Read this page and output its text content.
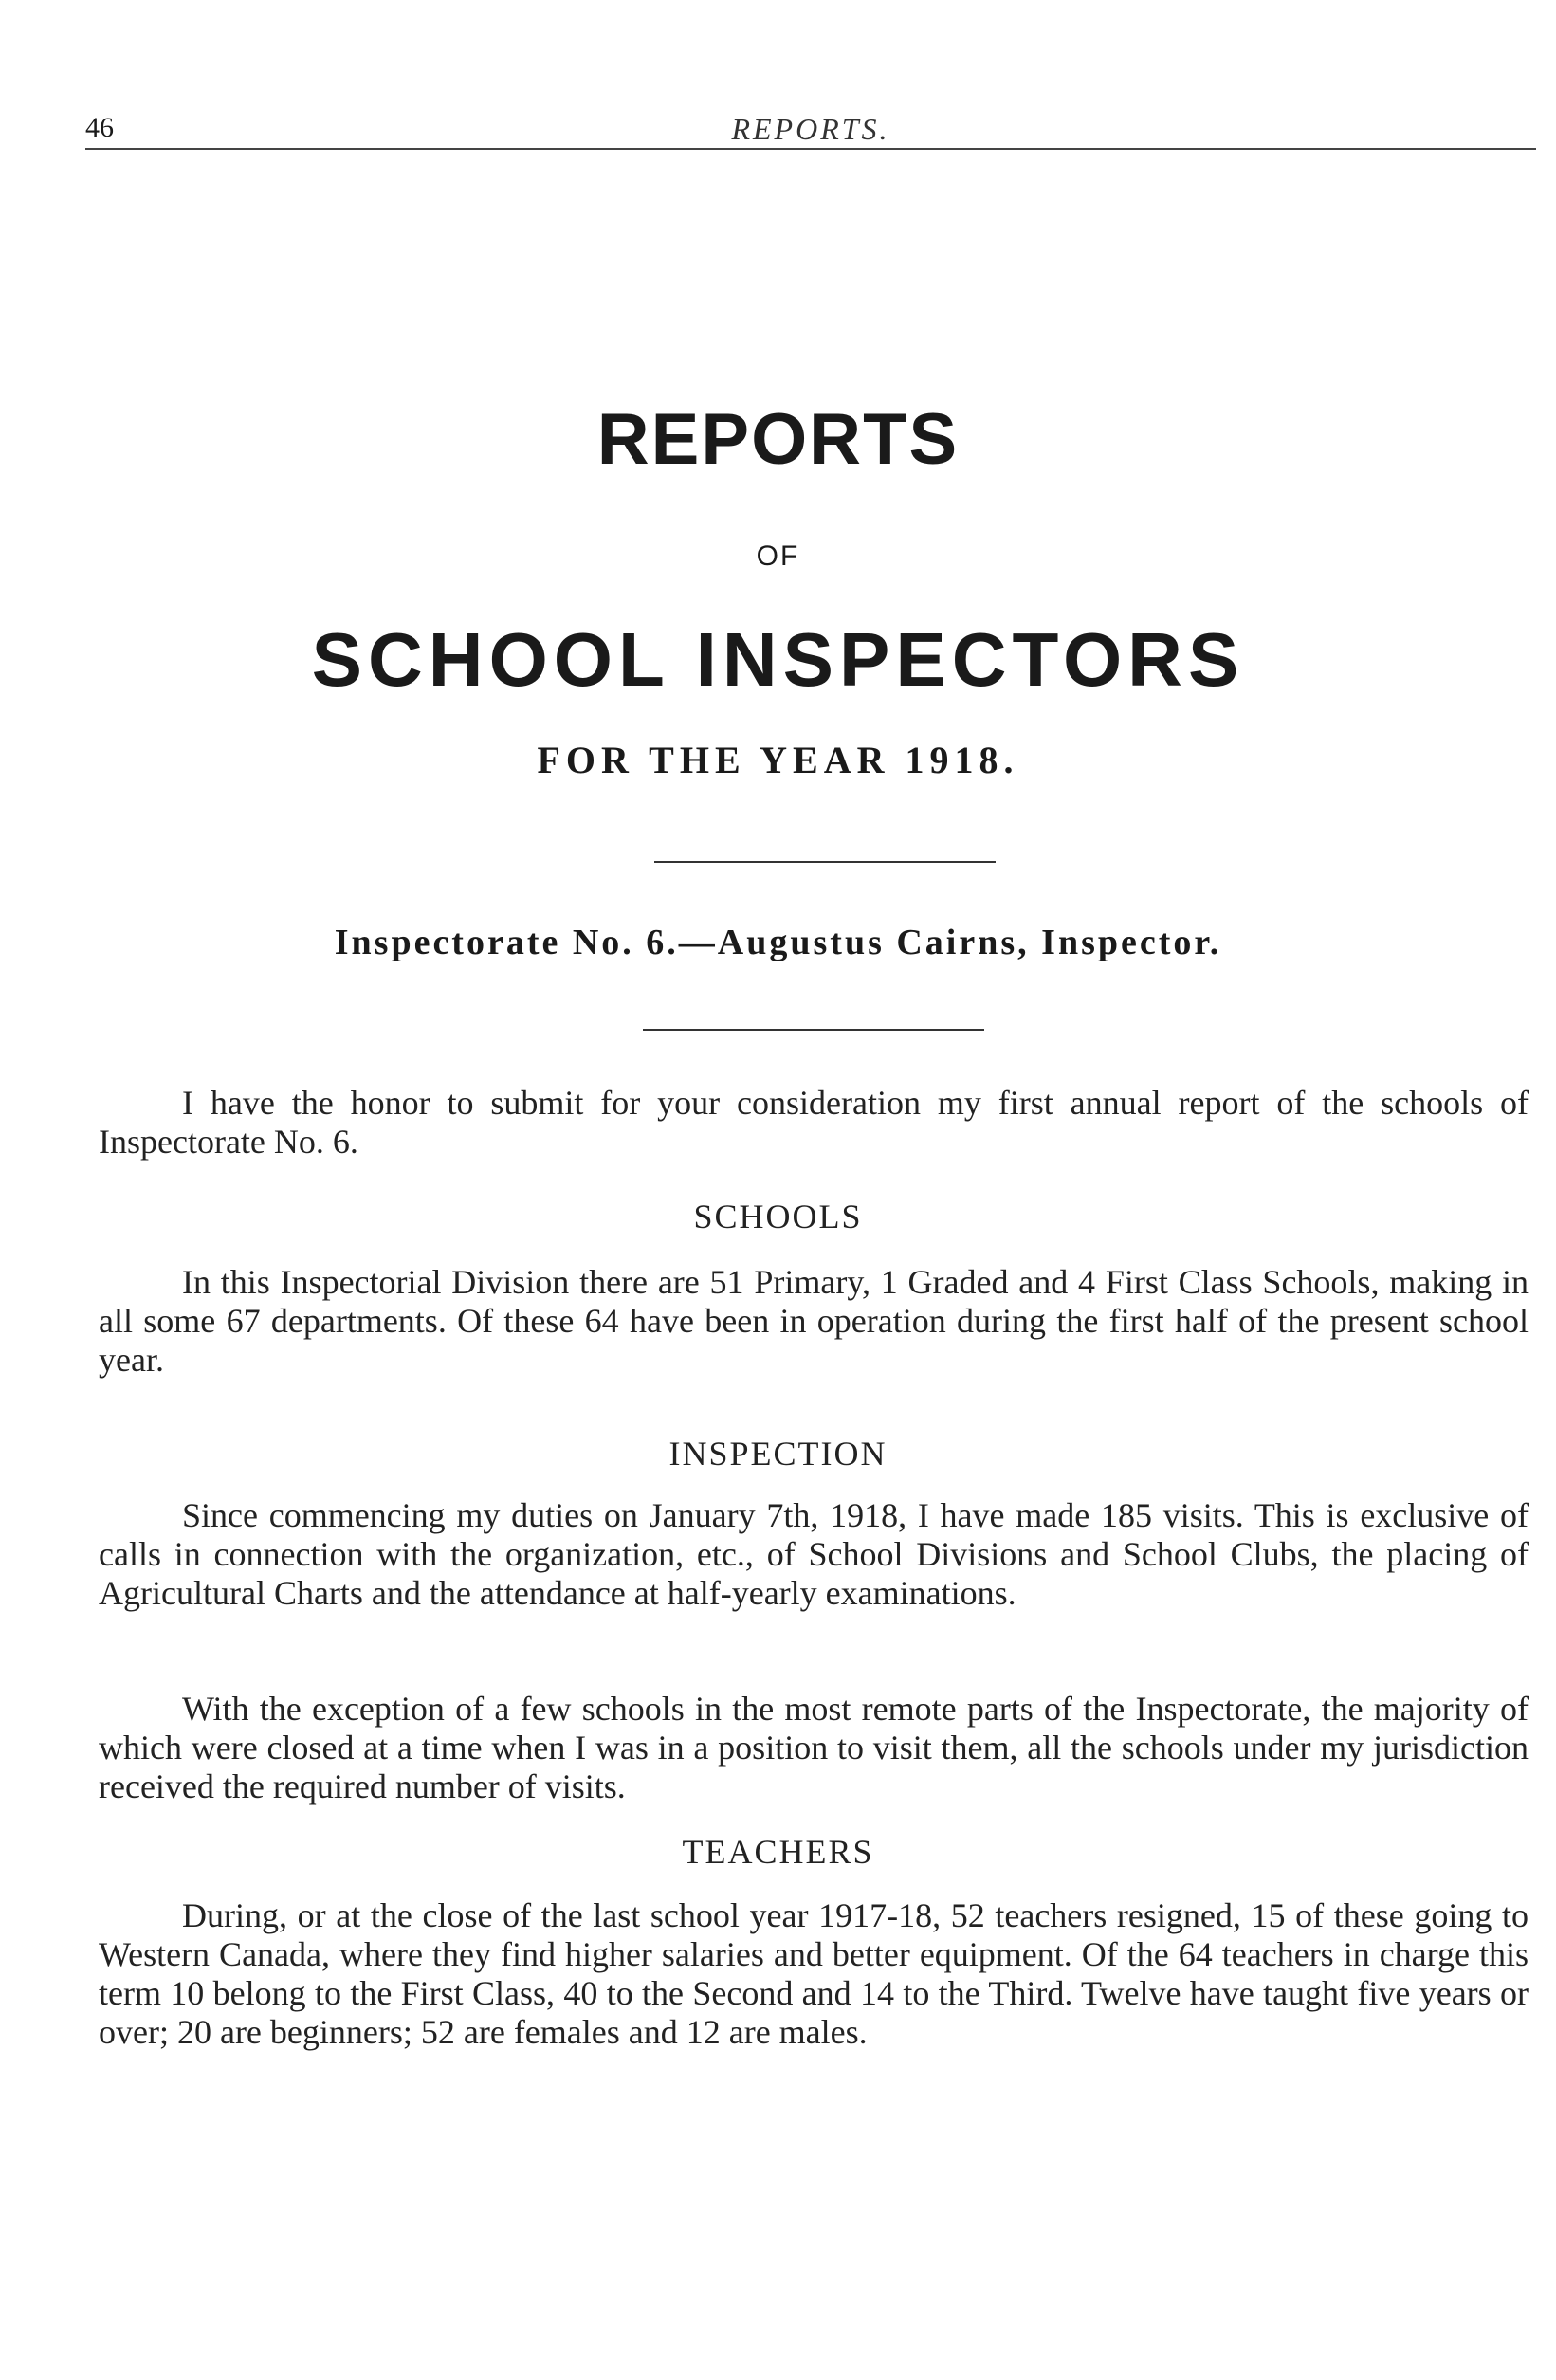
46	REPORTS.
REPORTS
OF
SCHOOL INSPECTORS
FOR THE YEAR 1918.
Inspectorate No. 6.—Augustus Cairns, Inspector.

I have the honor to submit for your consideration my first annual report of the schools of Inspectorate No. 6.

SCHOOLS

In this Inspectorial Division there are 51 Primary, 1 Graded and 4 First Class Schools, making in all some 67 departments. Of these 64 have been in operation during the first half of the present school year.

INSPECTION

Since commencing my duties on January 7th, 1918, I have made 185 visits. This is exclusive of calls in connection with the organization, etc., of School Divisions and School Clubs, the placing of Agricultural Charts and the attendance at half-yearly examinations.

With the exception of a few schools in the most remote parts of the Inspectorate, the majority of which were closed at a time when I was in a position to visit them, all the schools under my jurisdiction received the required number of visits.

TEACHERS

During, or at the close of the last school year 1917-18, 52 teachers resigned, 15 of these going to Western Canada, where they find higher salaries and better equipment. Of the 64 teachers in charge this term 10 belong to the First Class, 40 to the Second and 14 to the Third. Twelve have taught five years or over; 20 are beginners; 52 are females and 12 are males.
